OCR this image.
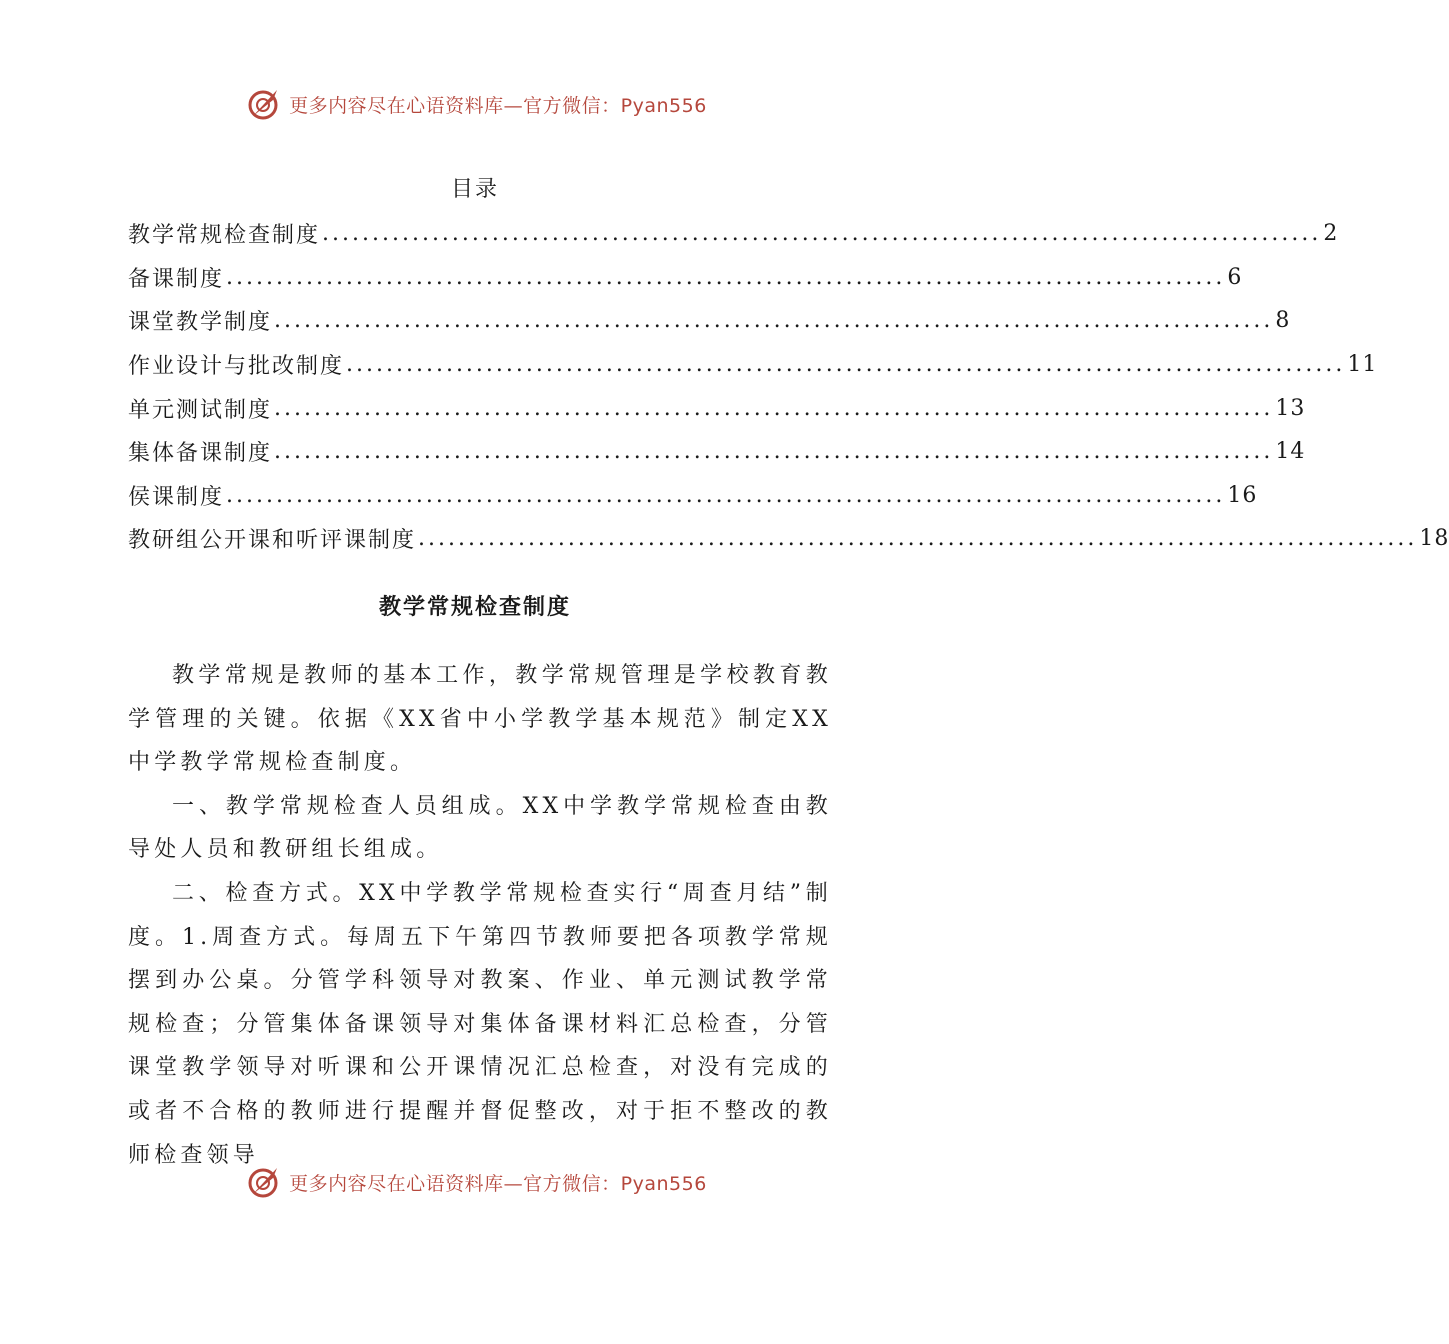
更多内容尽在心语资料库—官方微信：Pyan556
目录
教学常规检查制度 .................................................................................................... 2
备课制度 .................................................................................................... 6
课堂教学制度 .................................................................................................... 8
作业设计与批改制度 .................................................................................................... 11
单元测试制度 .................................................................................................... 13
集体备课制度 .................................................................................................... 14
侯课制度 .................................................................................................... 16
教研组公开课和听评课制度 .................................................................................................... 18
教学常规检查制度

教学常规是教师的基本工作，教学常规管理是学校教育教学管理的关键。依据《XX省中小学教学基本规范》制定XX中学教学常规检查制度。

一、教学常规检查人员组成。XX中学教学常规检查由教导处人员和教研组长组成。

二、检查方式。XX中学教学常规检查实行“周查月结”制度。1.周查方式。每周五下午第四节教师要把各项教学常规摆到办公桌。分管学科领导对教案、作业、单元测试教学常规检查；分管集体备课领导对集体备课材料汇总检查，分管课堂教学领导对听课和公开课情况汇总检查，对没有完成的或者不合格的教师进行提醒并督促整改，对于拒不整改的教师检查领导

更多内容尽在心语资料库—官方微信：Pyan556
